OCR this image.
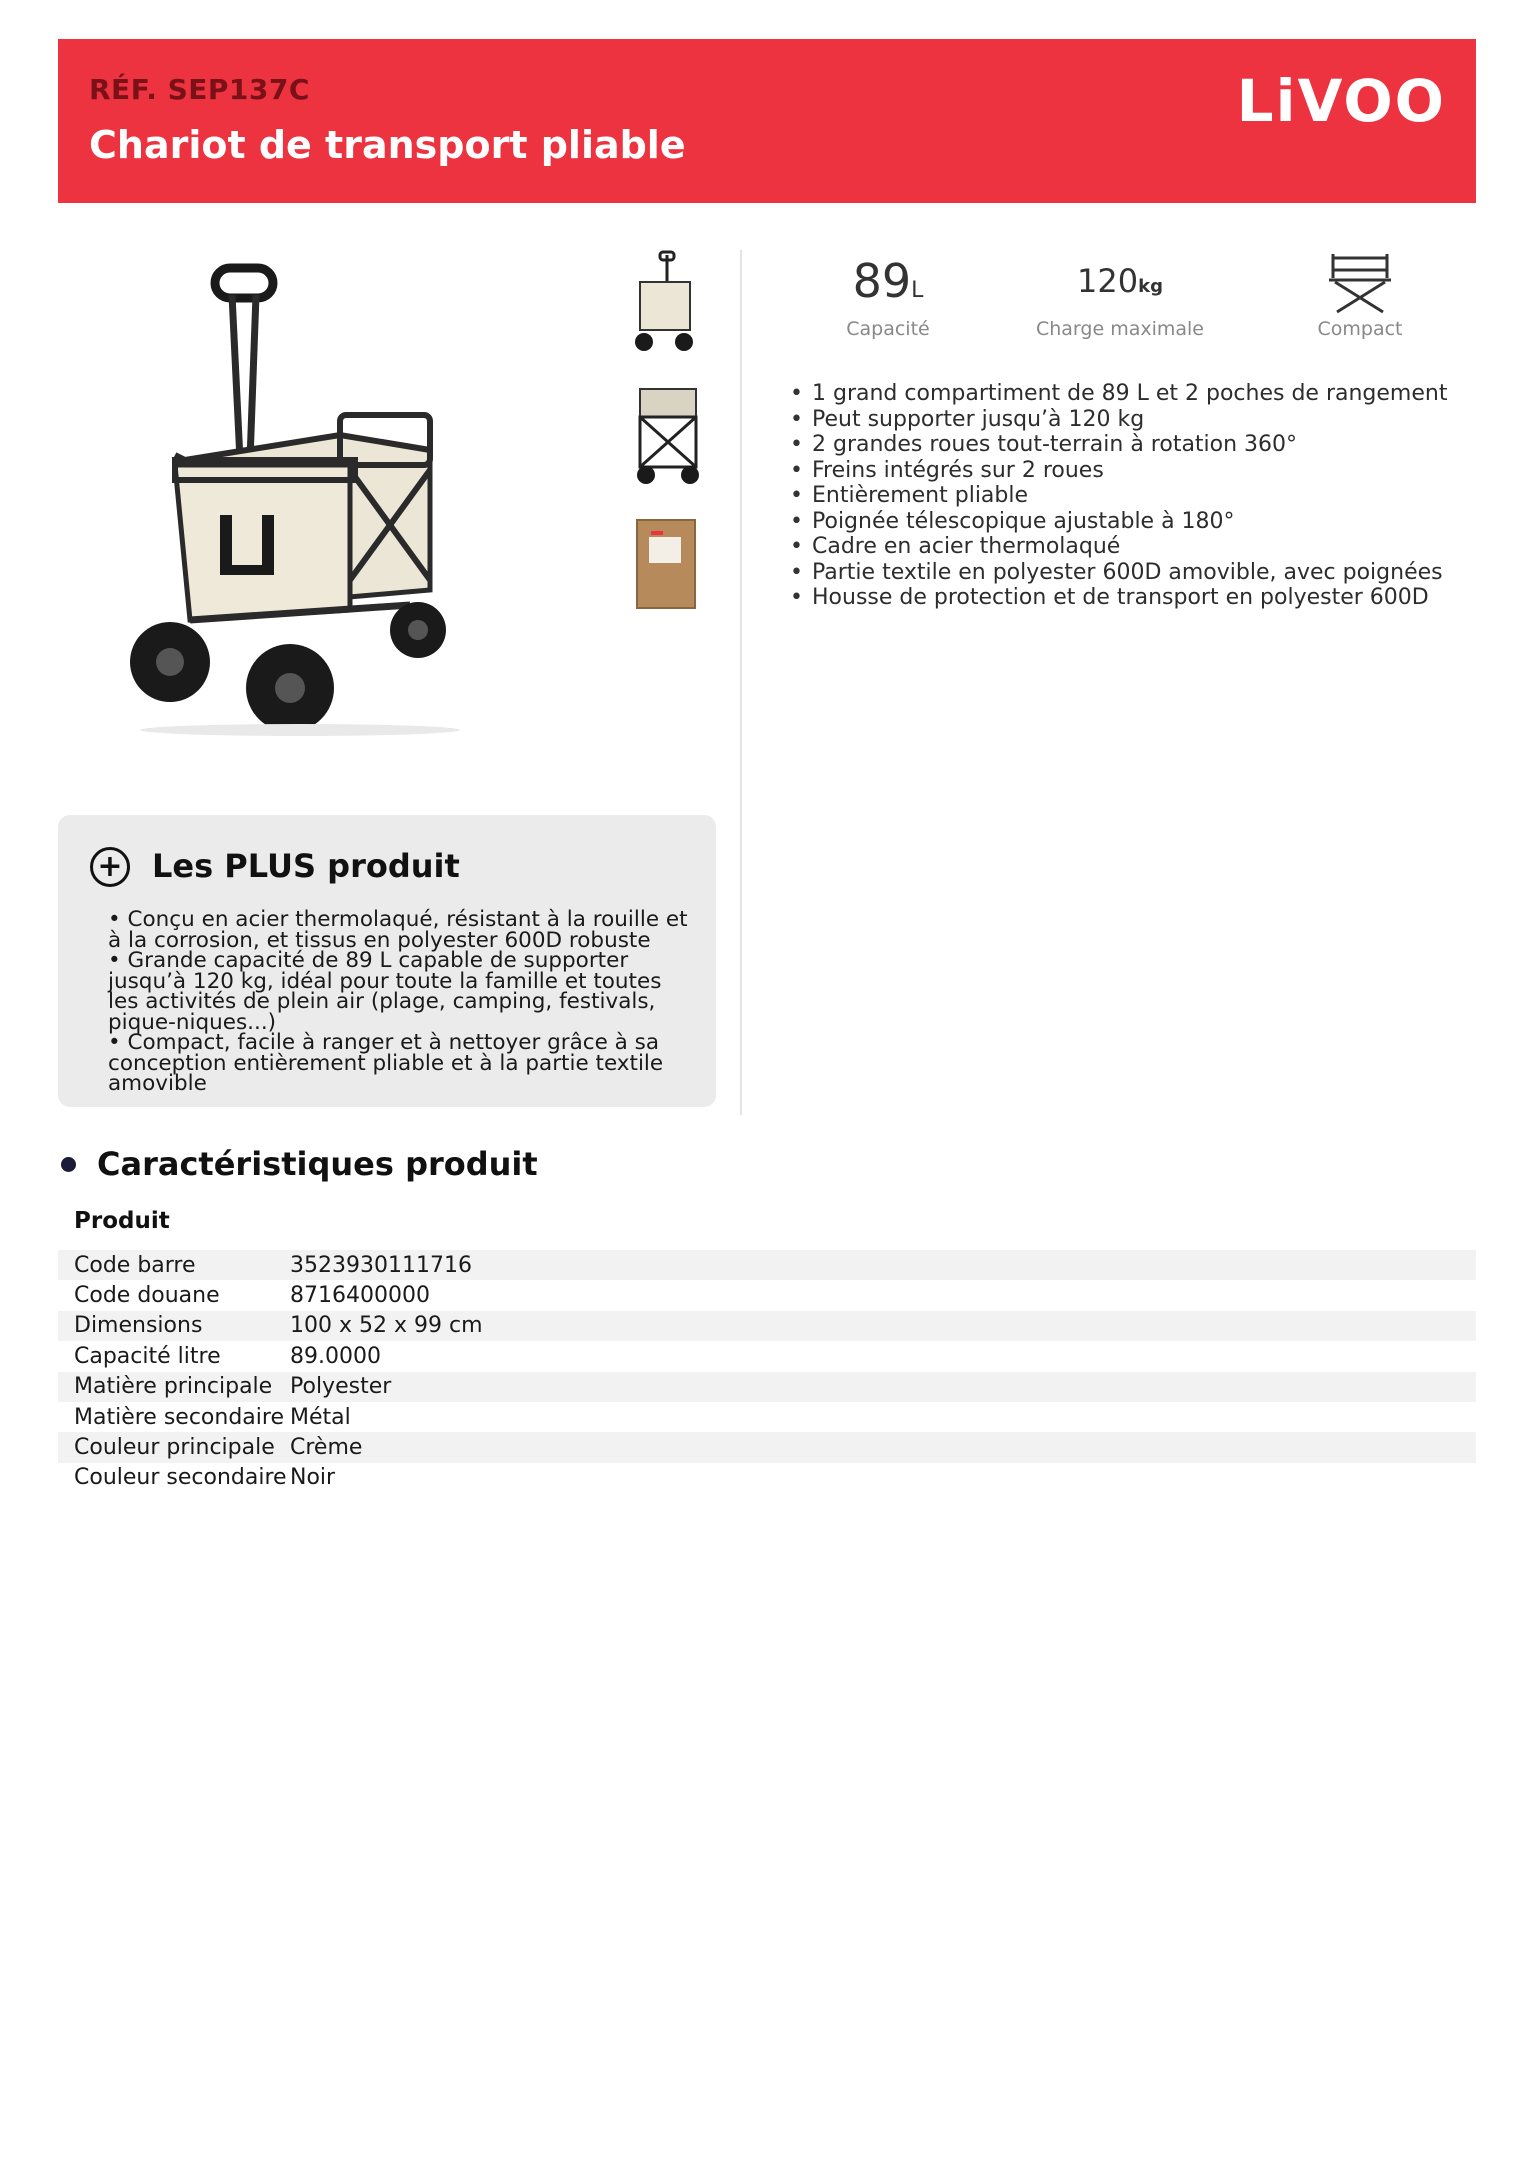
RÉF. SEP137C
Chariot de transport pliable
LiVOO
89L
Capacité
120kg
Charge maximale	Compact
• 1 grand compartiment de 89 L et 2 poches de rangement
• Peut supporter jusqu’à 120 kg
• 2 grandes roues tout-terrain à rotation 360°
• Freins intégrés sur 2 roues
• Entièrement pliable
• Poignée télescopique ajustable à 180°
• Cadre en acier thermolaqué
• Partie textile en polyester 600D amovible, avec poignées
• Housse de protection et de transport en polyester 600D
+ Les PLUS produit

• Conçu en acier thermolaqué, résistant à la rouille et à la corrosion, et tissus en polyester 600D robuste

• Grande capacité de 89 L capable de supporter jusqu’à 120 kg, idéal pour toute la famille et toutes les activités de plein air (plage, camping, festivals, pique-niques...)

• Compact, facile à ranger et à nettoyer grâce à sa conception entièrement pliable et à la partie textile amovible

Caractéristiques produit
Produit
Code barre	3523930111716
Code douane	8716400000
Dimensions	100 x 52 x 99 cm
Capacité litre	89.0000
Matière principale Polyester
Matière secondaire Métal
Couleur principale Crème
Couleur secondaire Noir
